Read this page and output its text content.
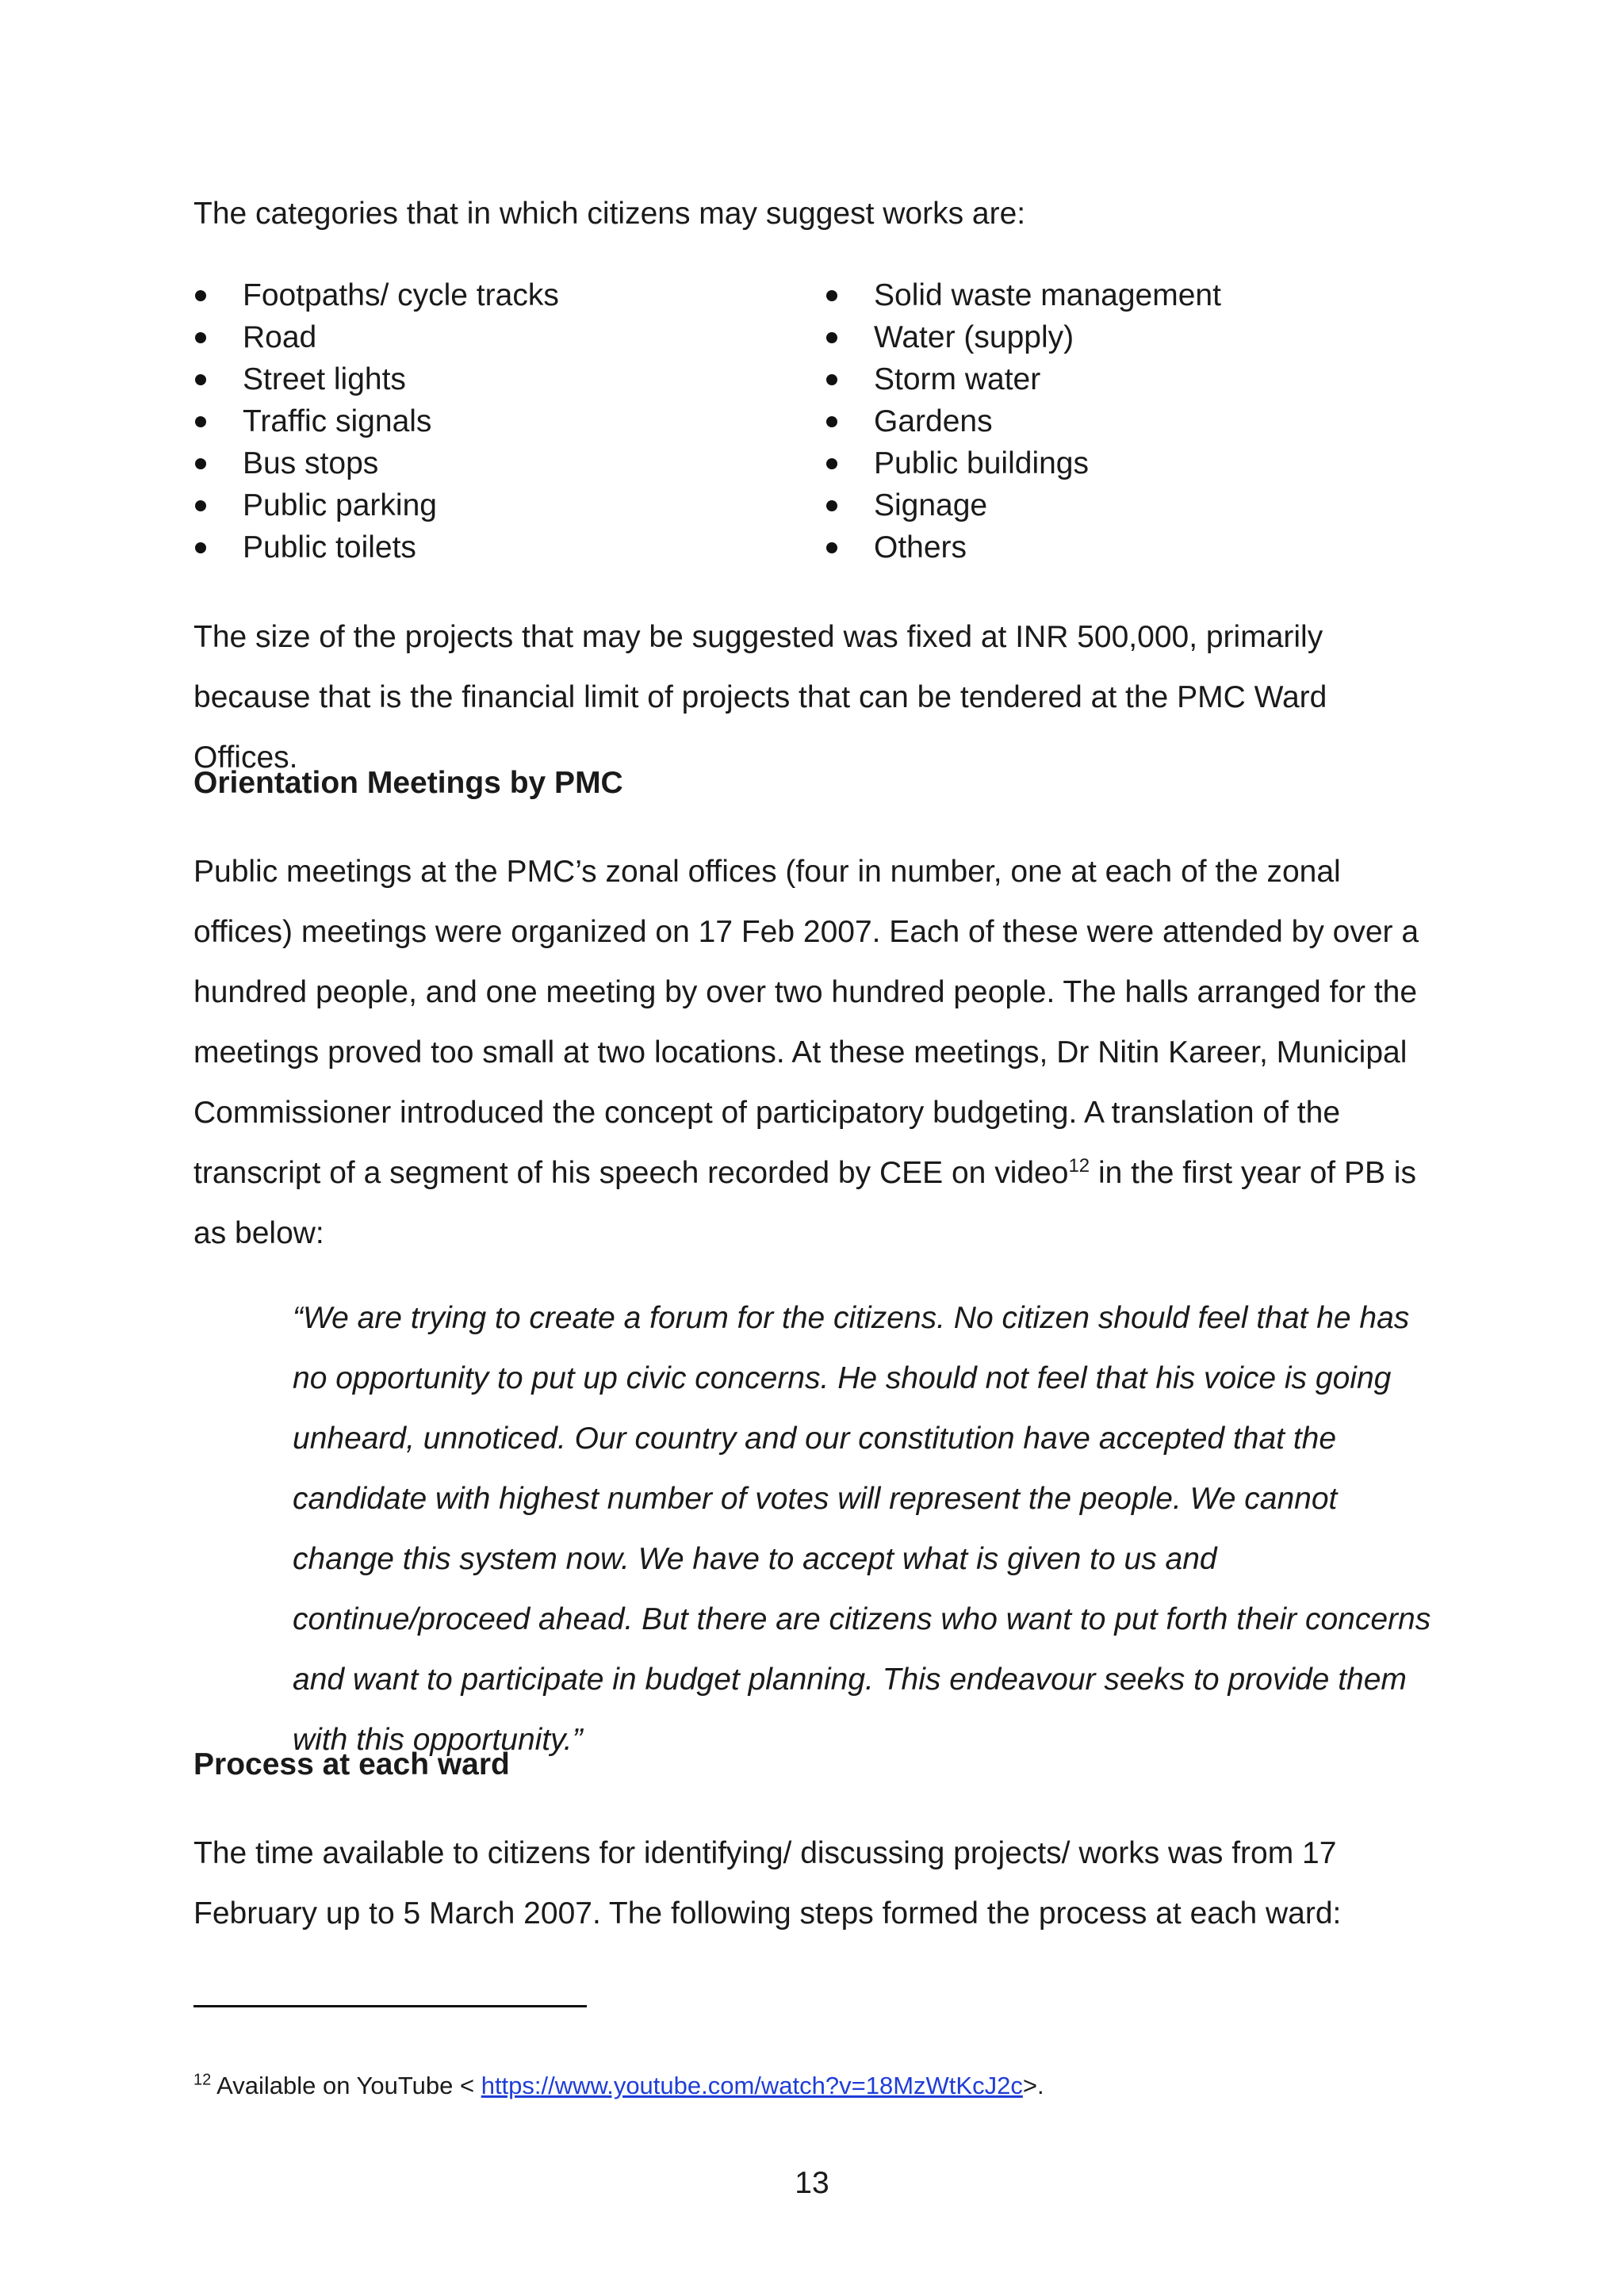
The categories that in which citizens may suggest works are:

Footpaths/ cycle tracks
Road
Street lights
Traffic signals
Bus stops
Public parking
Public toilets
Solid waste management
Water (supply)
Storm water
Gardens
Public buildings
Signage
Others

The size of the projects that may be suggested was fixed at INR 500,000, primarily because that is the financial limit of projects that can be tendered at the PMC Ward Offices.

Orientation Meetings by PMC

Public meetings at the PMC’s zonal offices (four in number, one at each of the zonal offices) meetings were organized on 17 Feb 2007. Each of these were attended by over a hundred people, and one meeting by over two hundred people. The halls arranged for the meetings proved too small at two locations. At these meetings, Dr Nitin Kareer, Municipal Commissioner introduced the concept of participatory budgeting. A translation of the transcript of a segment of his speech recorded by CEE on video$^{12}$ in the first year of PB is as below:

“We are trying to create a forum for the citizens. No citizen should feel that he has no opportunity to put up civic concerns. He should not feel that his voice is going unheard, unnoticed. Our country and our constitution have accepted that the candidate with highest number of votes will represent the people. We cannot change this system now. We have to accept what is given to us and continue/proceed ahead. But there are citizens who want to put forth their concerns and want to participate in budget planning. This endeavour seeks to provide them with this opportunity.”

Process at each ward

The time available to citizens for identifying/ discussing projects/ works was from 17 February up to 5 March 2007. The following steps formed the process at each ward:

$^{12}$ Available on YouTube < https://www.youtube.com/watch?v=18MzWtKcJ2c>.

13
